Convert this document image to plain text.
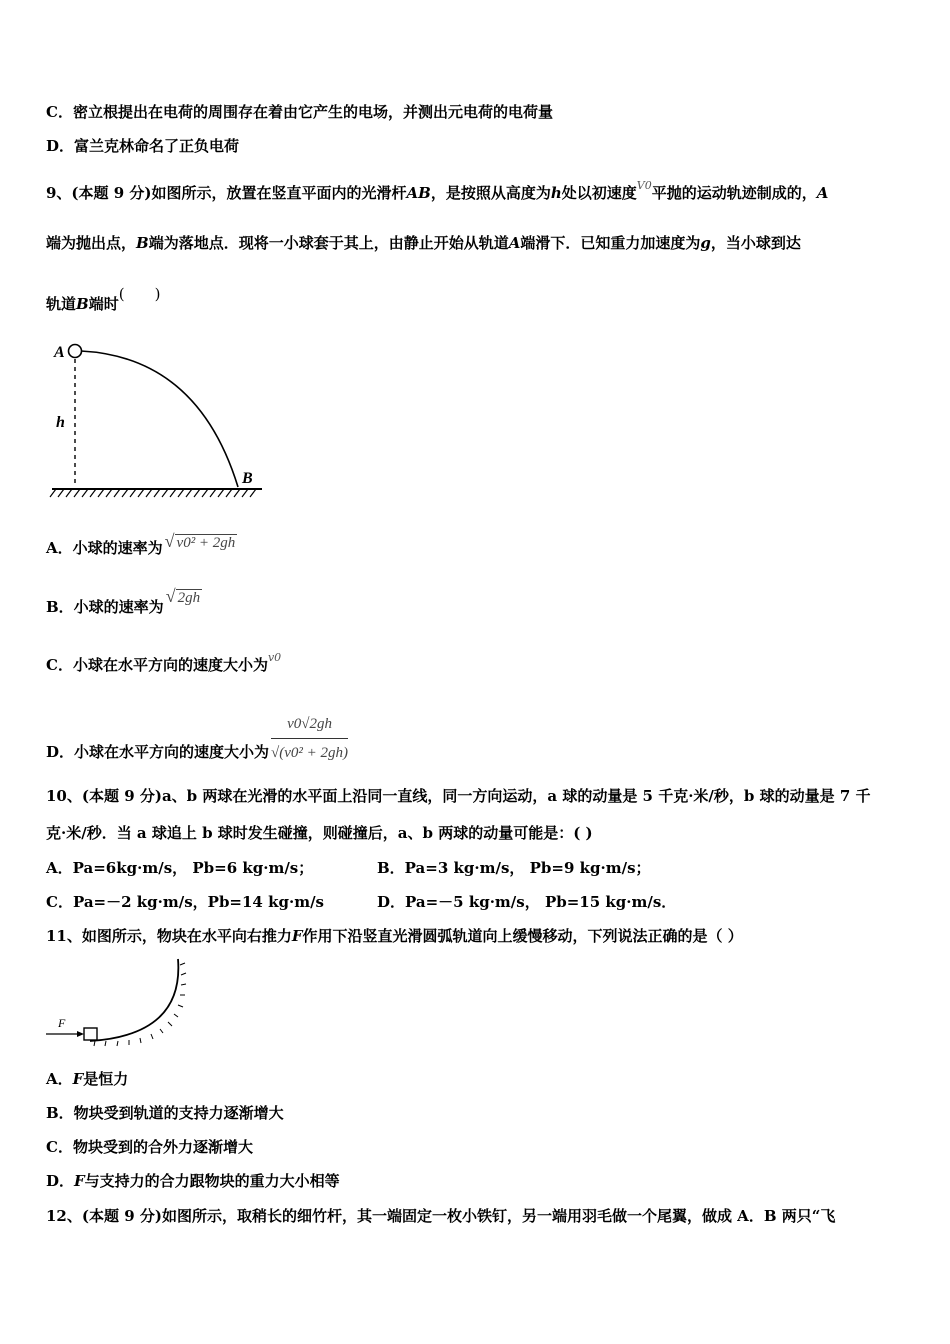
C．密立根提出在电荷的周围存在着由它产生的电场，并测出元电荷的电荷量
D．富兰克林命名了正负电荷
9、(本题 9 分)如图所示，放置在竖直平面内的光滑杆AB，是按照从高度为h处以初速度$^{V0}$平抛的运动轨迹制成的，A
端为抛出点，B端为落地点．现将一小球套于其上，由静止开始从轨道A端滑下．已知重力加速度为g，当小球到达
轨道B端时(　　)
A
h
B
A．小球的速率为 √ v0² + 2gh
B．小球的速率为√ 2gh
C．小球在水平方向的速度大小为$^{v0}$
D．小球在水平方向的速度大小为 $\frac{v0√2gh}{\text{√(v0² + 2gh)}}$
10、(本题 9 分)a、b 两球在光滑的水平面上沿同一直线，同一方向运动，a 球的动量是 5 千克·米/秒，b 球的动量是 7 千
克·米/秒．当 a 球追上 b 球时发生碰撞，则碰撞后，a、b 两球的动量可能是：( )
A．Pa=6kg·m/s， Pb=6 kg·m/s；	B．Pa=3 kg·m/s， Pb=9 kg·m/s；
C．Pa=－2 kg·m/s，Pb=14 kg·m/s	D．Pa=－5 kg·m/s， Pb=15 kg·m/s．
11、如图所示，物块在水平向右推力F作用下沿竖直光滑圆弧轨道向上缓慢移动，下列说法正确的是（ ）
F
A．F是恒力
B．物块受到轨道的支持力逐渐增大
C．物块受到的合外力逐渐增大
D．F与支持力的合力跟物块的重力大小相等
12、(本题 9 分)如图所示，取稍长的细竹杆，其一端固定一枚小铁钉，另一端用羽毛做一个尾翼，做成 A．B 两只“飞
